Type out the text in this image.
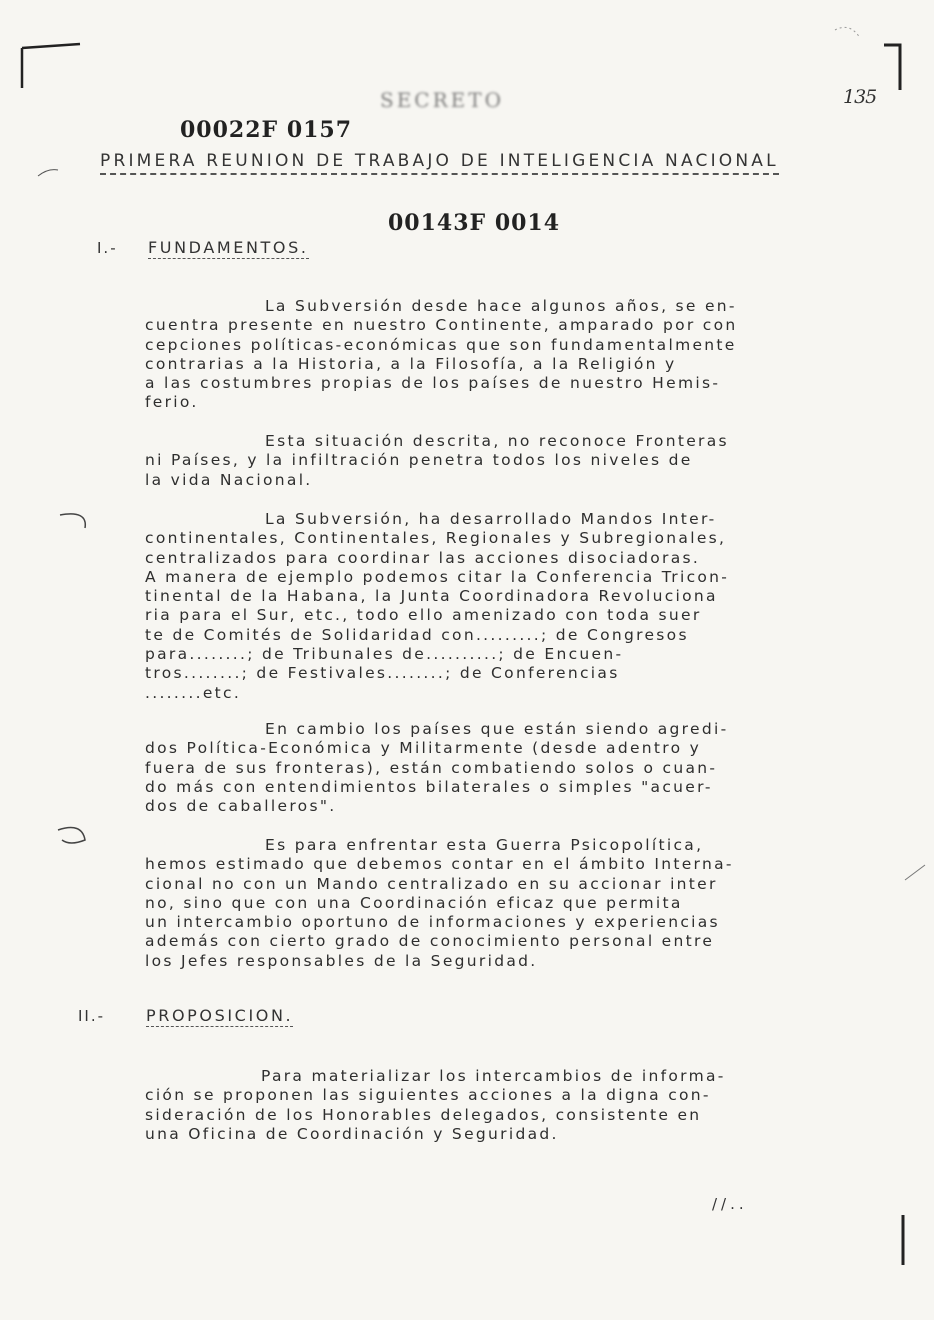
00022F 0157
SECRETO	135
PRIMERA REUNION DE TRABAJO DE INTELIGENCIA NACIONAL
00143F 0014
I.- FUNDAMENTOS.
La Subversión desde hace algunos años, se en-
cuentra presente en nuestro Continente, amparado por con
cepciones políticas-económicas que son fundamentalmente
contrarias a la Historia, a la Filosofía, a la Religión y
a las costumbres propias de los países de nuestro Hemis-
ferio.
Esta situación descrita, no reconoce Fronteras
ni Países, y la infiltración penetra todos los niveles de
la vida Nacional.
La Subversión, ha desarrollado Mandos Inter-
continentales, Continentales, Regionales y Subregionales,
centralizados para coordinar las acciones disociadoras.
A manera de ejemplo podemos citar la Conferencia Tricon-
tinental de la Habana, la Junta Coordinadora Revoluciona
ria para el Sur, etc., todo ello amenizado con toda suer
te de Comités de Solidaridad con.........; de Congresos
para........; de Tribunales de..........; de Encuen-
tros........; de Festivales........; de Conferencias
........etc.
En cambio los países que están siendo agredi-
dos Política-Económica y Militarmente (desde adentro y
fuera de sus fronteras), están combatiendo solos o cuan-
do más con entendimientos bilaterales o simples "acuer-
dos de caballeros".
Es para enfrentar esta Guerra Psicopolítica,
hemos estimado que debemos contar en el ámbito Interna-
cional no con un Mando centralizado en su accionar inter
no, sino que con una Coordinación eficaz que permita
un intercambio oportuno de informaciones y experiencias
además con cierto grado de conocimiento personal entre
los Jefes responsables de la Seguridad.
II.-	PROPOSICION.
Para materializar los intercambios de informa-
ción se proponen las siguientes acciones a la digna con-
sideración de los Honorables delegados, consistente en
una Oficina de Coordinación y Seguridad.
//..
